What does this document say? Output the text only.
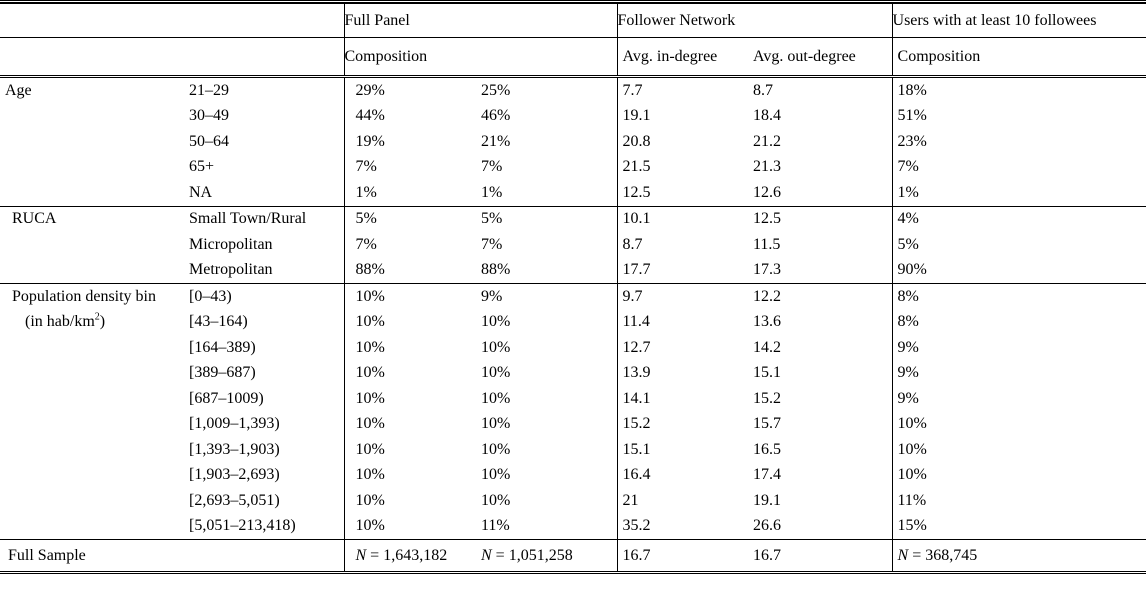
		Full Panel		Follower Network		Users with at least 10 followees
		Composition		Avg. in-degree	Avg. out-degree	Composition
Age	21–29	29%	25%	7.7	8.7	18%
	30–49	44%	46%	19.1	18.4	51%
	50–64	19%	21%	20.8	21.2	23%
	65+	7%	7%	21.5	21.3	7%
	NA	1%	1%	12.5	12.6	1%
RUCA	Small Town/Rural	5%	5%	10.1	12.5	4%
	Micropolitan	7%	7%	8.7	11.5	5%
	Metropolitan	88%	88%	17.7	17.3	90%
Population density bin	[0–43)	10%	9%	9.7	12.2	8%
(in hab/$km^2$)	[43–164)	10%	10%	11.4	13.6	8%
	[164–389)	10%	10%	12.7	14.2	9%
	[389–687)	10%	10%	13.9	15.1	9%
	[687–1009)	10%	10%	14.1	15.2	9%
	[1,009–1,393)	10%	10%	15.2	15.7	10%
	[1,393–1,903)	10%	10%	15.1	16.5	10%
	[1,903–2,693)	10%	10%	16.4	17.4	10%
	[2,693–5,051)	10%	10%	21	19.1	11%
	[5,051–213,418)	10%	11%	35.2	26.6	15%
Full Sample		N = 1,643,182	N = 1,051,258	16.7	16.7	N = 368,745
